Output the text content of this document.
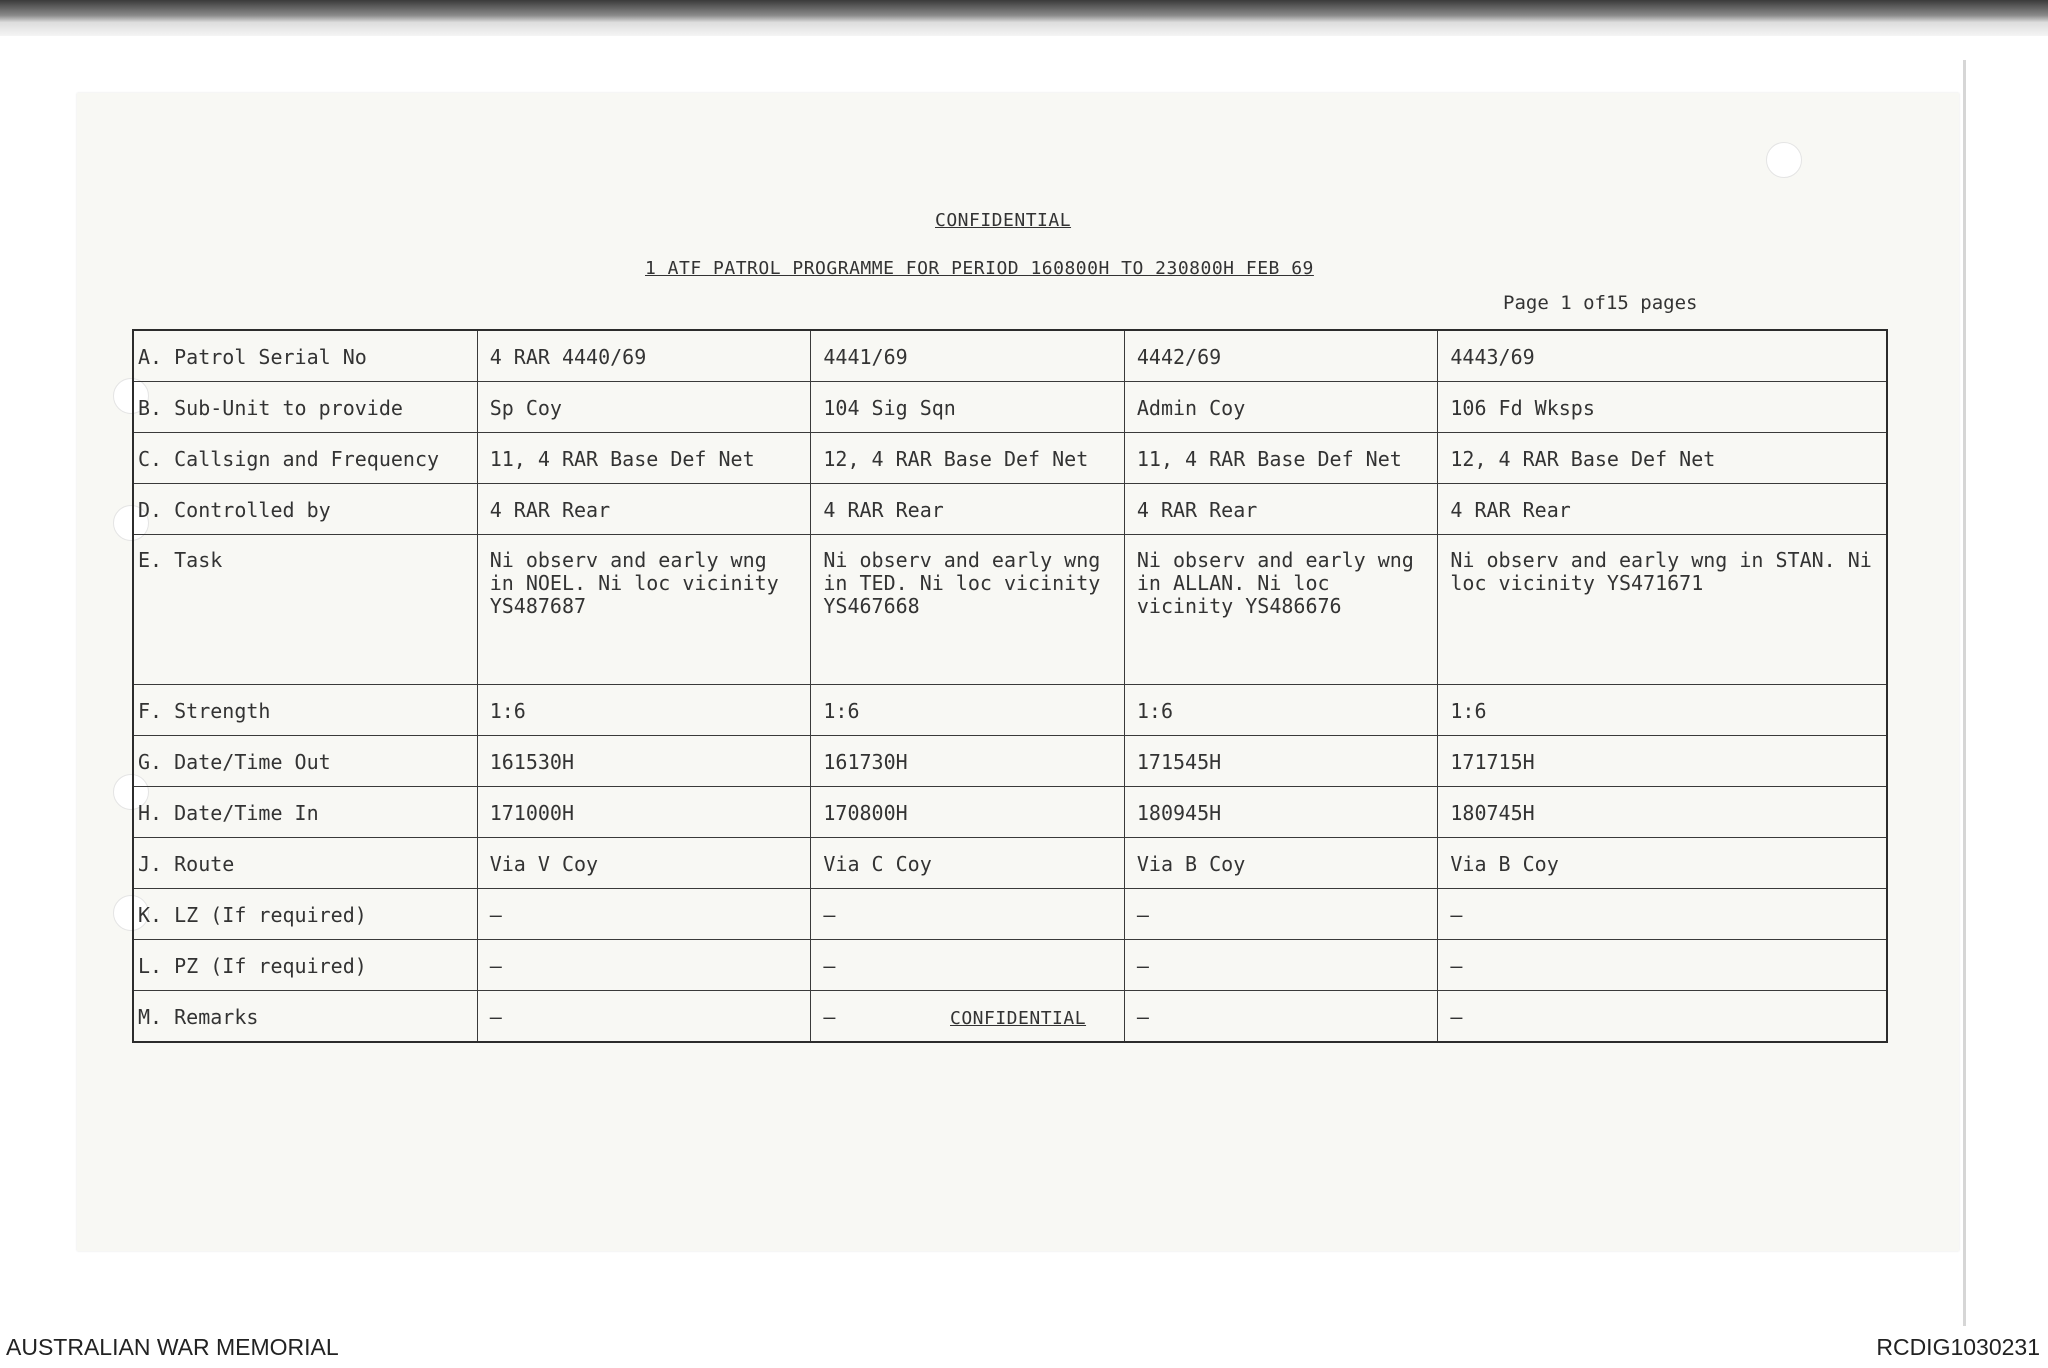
CONFIDENTIAL
1 ATF PATROL PROGRAMME FOR PERIOD 160800H TO 230800H FEB 69
Page 1 of15 pages
A. Patrol Serial No	4 RAR 4440/69	4441/69	4442/69	4443/69
B. Sub-Unit to provide	Sp Coy	104 Sig Sqn	Admin Coy	106 Fd Wksps
C. Callsign and Frequency	11, 4 RAR Base Def Net	12, 4 RAR Base Def Net	11, 4 RAR Base Def Net	12, 4 RAR Base Def Net
D. Controlled by	4 RAR Rear	4 RAR Rear	4 RAR Rear	4 RAR Rear
E. Task	Ni observ and early wng in NOEL. Ni loc vicinity YS487687	Ni observ and early wng in TED. Ni loc vicinity YS467668	Ni observ and early wng in ALLAN. Ni loc vicinity YS486676	Ni observ and early wng in STAN. Ni loc vicinity YS471671
F. Strength	1:6	1:6	1:6	1:6
G. Date/Time Out	161530H	161730H	171545H	171715H
H. Date/Time In	171000H	170800H	180945H	180745H
J. Route	Via V Coy	Via C Coy	Via B Coy	Via B Coy
K. LZ (If required)	–	–	–	–
L. PZ (If required)	–	–	–	–
M. Remarks	–	–	–	–
CONFIDENTIAL
AUSTRALIAN WAR MEMORIAL	RCDIG1030231
